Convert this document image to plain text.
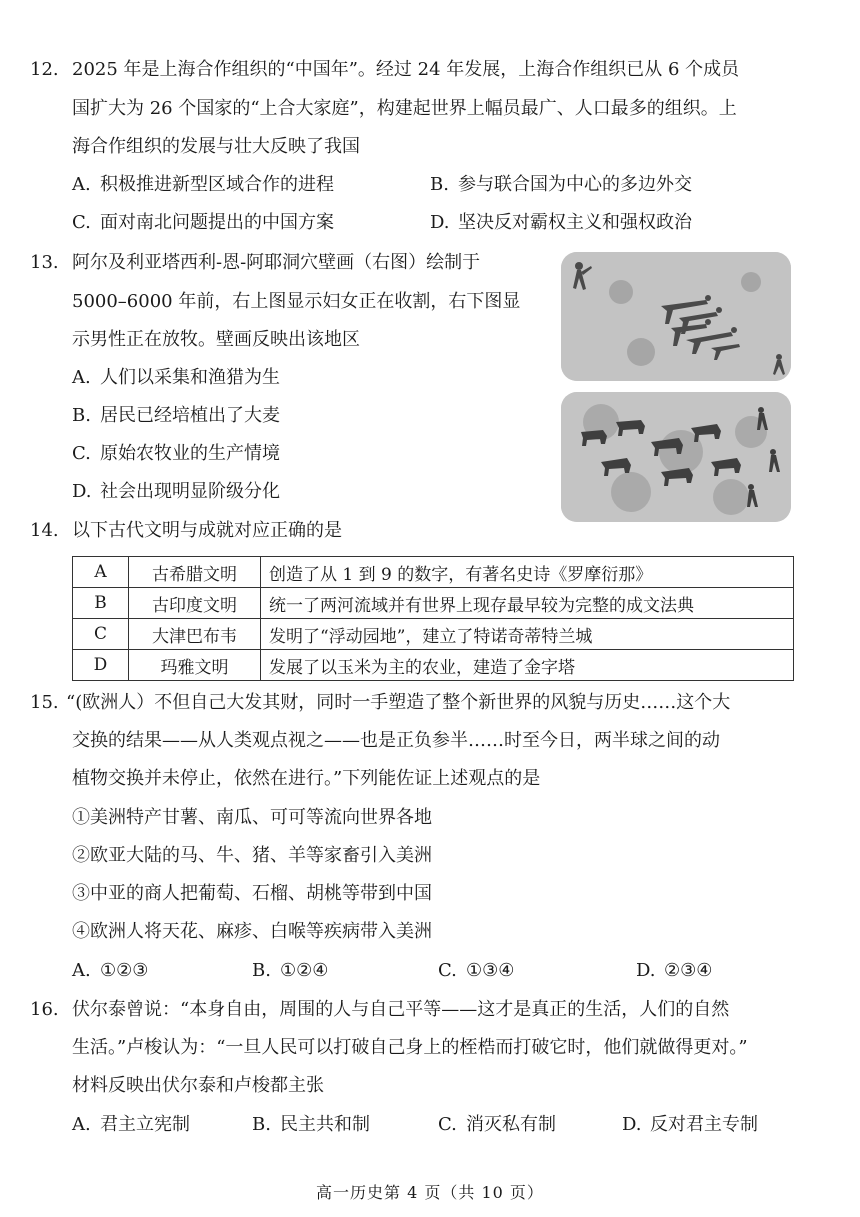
12. 2025 年是上海合作组织的“中国年”。经过 24 年发展，上海合作组织已从 6 个成员
国扩大为 26 个国家的“上合大家庭”，构建起世界上幅员最广、人口最多的组织。上
海合作组织的发展与壮大反映了我国
A. 积极推进新型区域合作的进程	B. 参与联合国为中心的多边外交
C. 面对南北问题提出的中国方案	D. 坚决反对霸权主义和强权政治
13. 阿尔及利亚塔西利-恩-阿耶洞穴壁画（右图）绘制于
5000–6000 年前，右上图显示妇女正在收割，右下图显
示男性正在放牧。壁画反映出该地区
A. 人们以采集和渔猎为生
B. 居民已经培植出了大麦
C. 原始农牧业的生产情境
D. 社会出现明显阶级分化
14. 以下古代文明与成就对应正确的是
A	古希腊文明	创造了从 1 到 9 的数字，有著名史诗《罗摩衍那》
B	古印度文明	统一了两河流域并有世界上现存最早较为完整的成文法典
C	大津巴布韦	发明了“浮动园地”，建立了特诺奇蒂特兰城
D	玛雅文明	发展了以玉米为主的农业，建造了金字塔
15. “(欧洲人）不但自己大发其财，同时一手塑造了整个新世界的风貌与历史……这个大
交换的结果——从人类观点视之——也是正负参半……时至今日，两半球之间的动
植物交换并未停止，依然在进行。”下列能佐证上述观点的是
①美洲特产甘薯、南瓜、可可等流向世界各地
②欧亚大陆的马、牛、猪、羊等家畜引入美洲
③中亚的商人把葡萄、石榴、胡桃等带到中国
④欧洲人将天花、麻疹、白喉等疾病带入美洲
A. ①②③	B. ①②④	C. ①③④	D. ②③④
16. 伏尔泰曾说：“本身自由，周围的人与自己平等——这才是真正的生活，人们的自然
生活。”卢梭认为：“一旦人民可以打破自己身上的桎梏而打破它时，他们就做得更对。”
材料反映出伏尔泰和卢梭都主张
A. 君主立宪制	B. 民主共和制	C. 消灭私有制	D. 反对君主专制
高一历史第 4 页（共 10 页）
